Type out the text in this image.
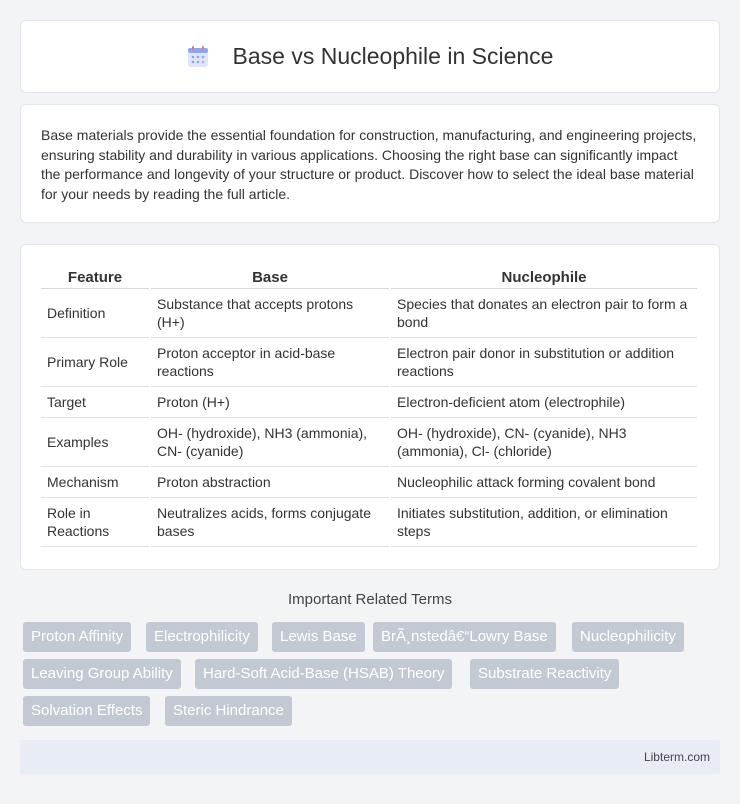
Base vs Nucleophile in Science

Base materials provide the essential foundation for construction, manufacturing, and engineering projects, ensuring stability and durability in various applications. Choosing the right base can significantly impact the performance and longevity of your structure or product. Discover how to select the ideal base material for your needs by reading the full article.

Feature	Base	Nucleophile
Definition	Substance that accepts protons (H+)	Species that donates an electron pair to form a bond
Primary Role	Proton acceptor in acid-base reactions	Electron pair donor in substitution or addition reactions
Target	Proton (H+)	Electron-deficient atom (electrophile)
Examples	OH- (hydroxide), NH3 (ammonia), CN- (cyanide)	OH- (hydroxide), CN- (cyanide), NH3 (ammonia), Cl- (chloride)
Mechanism	Proton abstraction	Nucleophilic attack forming covalent bond
Role in Reactions	Neutralizes acids, forms conjugate bases	Initiates substitution, addition, or elimination steps
Important Related Terms
Proton Affinity	Electrophilicity	Lewis Base	BrÃ¸nstedâ€“Lowry Base	Nucleophilicity
Leaving Group Ability	Hard-Soft Acid-Base (HSAB) Theory	Substrate Reactivity
Solvation Effects	Steric Hindrance
Libterm.com
